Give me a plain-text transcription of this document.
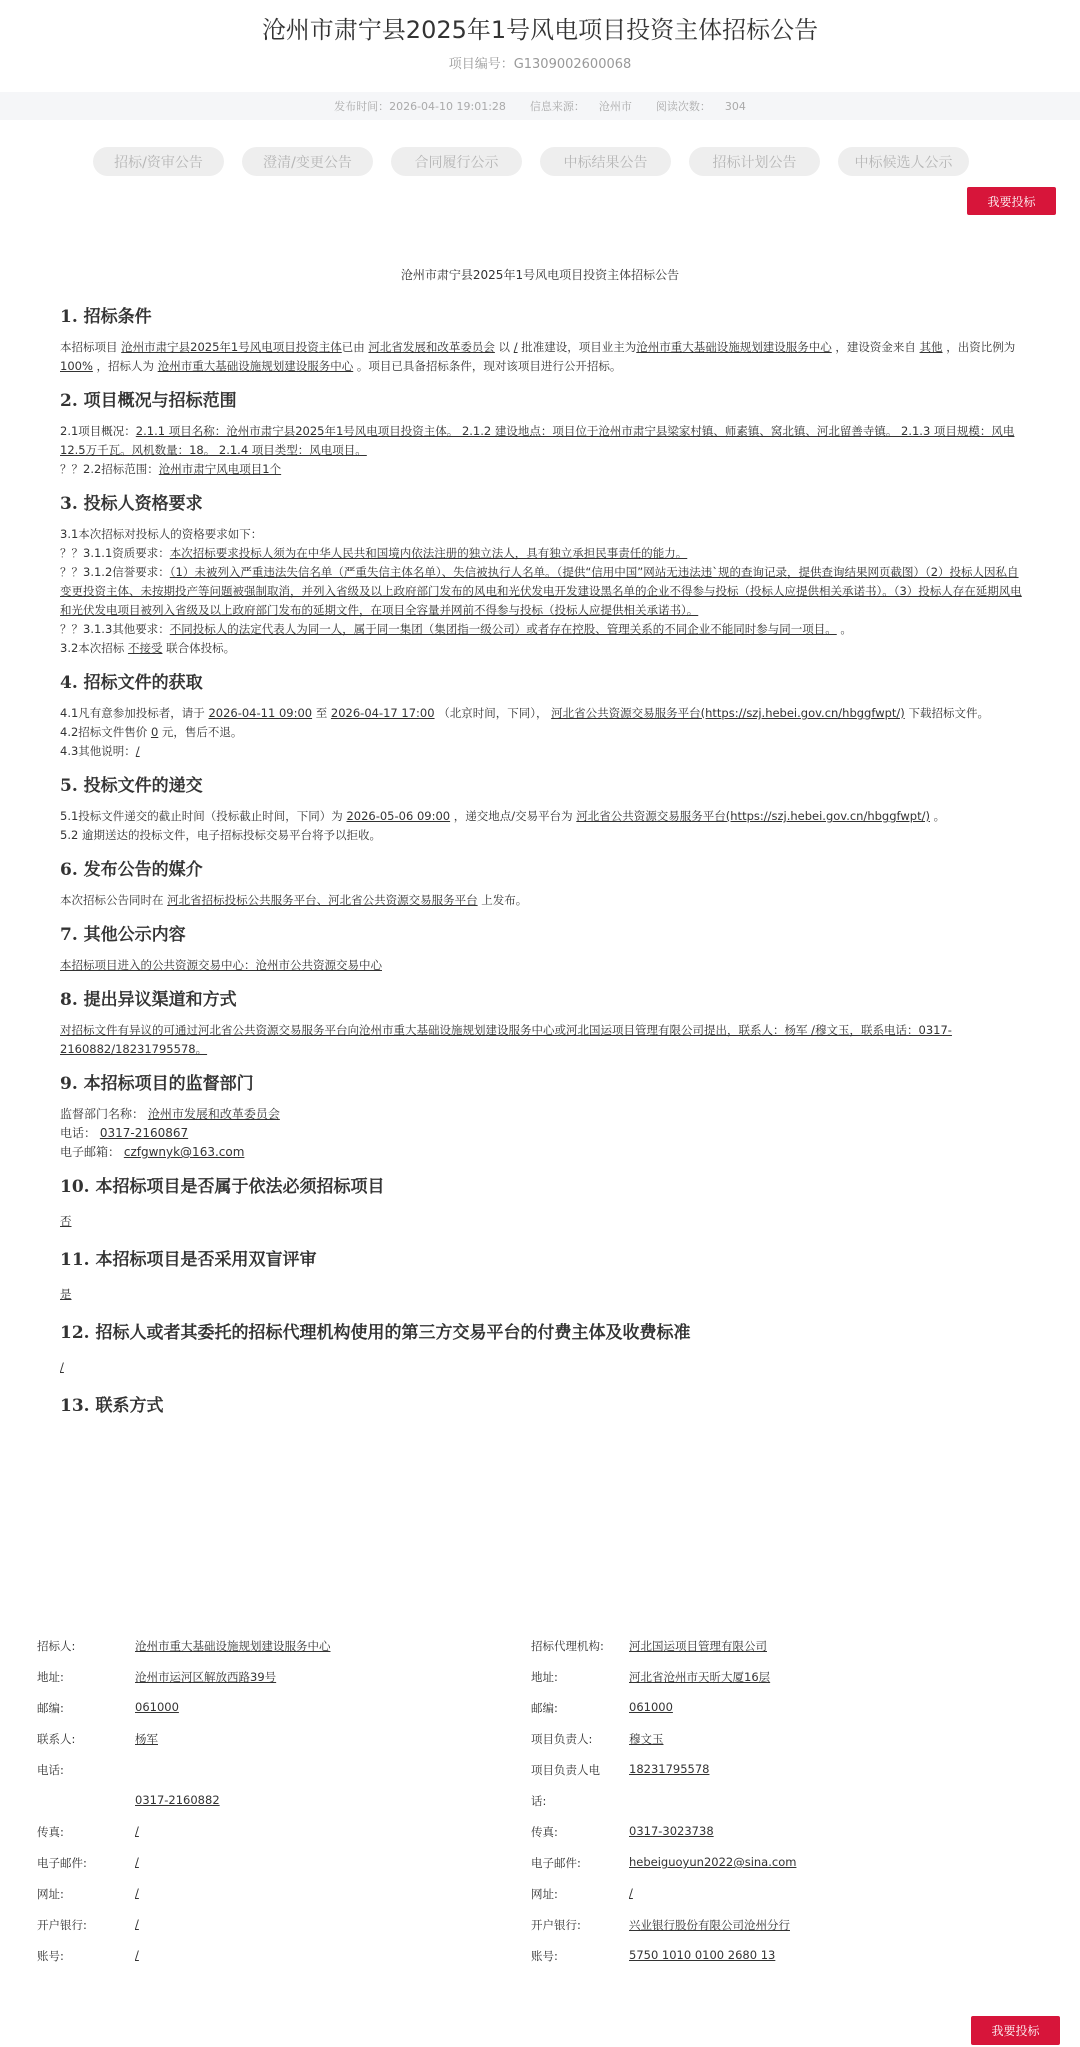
沧州市肃宁县2025年1号风电项目投资主体招标公告
项目编号：G1309002600068
发布时间：2026-04-10 19:01:28 信息来源： 沧州市 阅读次数： 304
招标/资审公告	澄清/变更公告	合同履行公示	中标结果公告	招标计划公告	中标候选人公示
我要投标
沧州市肃宁县2025年1号风电项目投资主体招标公告
1. 招标条件

本招标项目 沧州市肃宁县2025年1号风电项目投资主体已由 河北省发展和改革委员会 以 / 批准建设，项目业主为沧州市重大基础设施规划建设服务中心 ，建设资金来自 其他 ，出资比例为 100% ，招标人为 沧州市重大基础设施规划建设服务中心 。项目已具备招标条件，现对该项目进行公开招标。

2. 项目概况与招标范围

2.1项目概况：2.1.1 项目名称：沧州市肃宁县2025年1号风电项目投资主体。 2.1.2 建设地点：项目位于沧州市肃宁县梁家村镇、师素镇、窝北镇、河北留善寺镇。 2.1.3 项目规模：风电12.5万千瓦。风机数量：18。 2.1.4 项目类型：风电项目。
？？2.2招标范围：沧州市肃宁风电项目1个

3. 投标人资格要求

3.1本次招标对投标人的资格要求如下：
？？3.1.1资质要求：本次招标要求投标人须为在中华人民共和国境内依法注册的独立法人，具有独立承担民事责任的能力。
？？3.1.2信誉要求：（1）未被列入严重违法失信名单（严重失信主体名单）、失信被执行人名单。（提供“信用中国”网站无违法违`规的查询记录，提供查询结果网页截图）（2）投标人因私自变更投资主体、未按期投产等问题被强制取消，并列入省级及以上政府部门发布的风电和光伏发电开发建设黑名单的企业不得参与投标（投标人应提供相关承诺书）。（3）投标人存在延期风电和光伏发电项目被列入省级及以上政府部门发布的延期文件，在项目全容量并网前不得参与投标（投标人应提供相关承诺书）。
？？3.1.3其他要求：不同投标人的法定代表人为同一人，属于同一集团（集团指一级公司）或者存在控股、管理关系的不同企业不能同时参与同一项目。 。
3.2本次招标 不接受 联合体投标。

4. 招标文件的获取

4.1凡有意参加投标者，请于 2026-04-11 09:00 至 2026-04-17 17:00 （北京时间，下同）， 河北省公共资源交易服务平台(https://szj.hebei.gov.cn/hbggfwpt/) 下载招标文件。
4.2招标文件售价 0 元，售后不退。
4.3其他说明：/

5. 投标文件的递交

5.1投标文件递交的截止时间（投标截止时间，下同）为 2026-05-06 09:00 ，递交地点/交易平台为 河北省公共资源交易服务平台(https://szj.hebei.gov.cn/hbggfwpt/) 。
5.2 逾期送达的投标文件，电子招标投标交易平台将予以拒收。

6. 发布公告的媒介

本次招标公告同时在 河北省招标投标公共服务平台、河北省公共资源交易服务平台 上发布。

7. 其他公示内容

本招标项目进入的公共资源交易中心：沧州市公共资源交易中心

8. 提出异议渠道和方式

对招标文件有异议的可通过河北省公共资源交易服务平台向沧州市重大基础设施规划建设服务中心或河北国运项目管理有限公司提出，联系人：杨军 /穆文玉，联系电话：0317-2160882/18231795578。

9. 本招标项目的监督部门

监督部门名称： 沧州市发展和改革委员会
电话： 0317-2160867
电子邮箱： czfgwnyk@163.com

10. 本招标项目是否属于依法必须招标项目

否

11. 本招标项目是否采用双盲评审

是

12. 招标人或者其委托的招标代理机构使用的第三方交易平台的付费主体及收费标准

/

13. 联系方式
招标人:	沧州市重大基础设施规划建设服务中心
地址:	沧州市运河区解放西路39号
邮编:	061000
联系人:	杨军
电话:
0317-2160882
传真:	/
电子邮件:	/
网址:	/
开户银行:	/
账号:	/
招标代理机构:	河北国运项目管理有限公司
地址:	河北省沧州市天昕大厦16层
邮编:	061000
项目负责人:	穆文玉
项目负责人电	18231795578
话:
传真:	0317-3023738
电子邮件:	hebeiguoyun2022@sina.com
网址:	/
开户银行:	兴业银行股份有限公司沧州分行
账号:	5750 1010 0100 2680 13
我要投标
